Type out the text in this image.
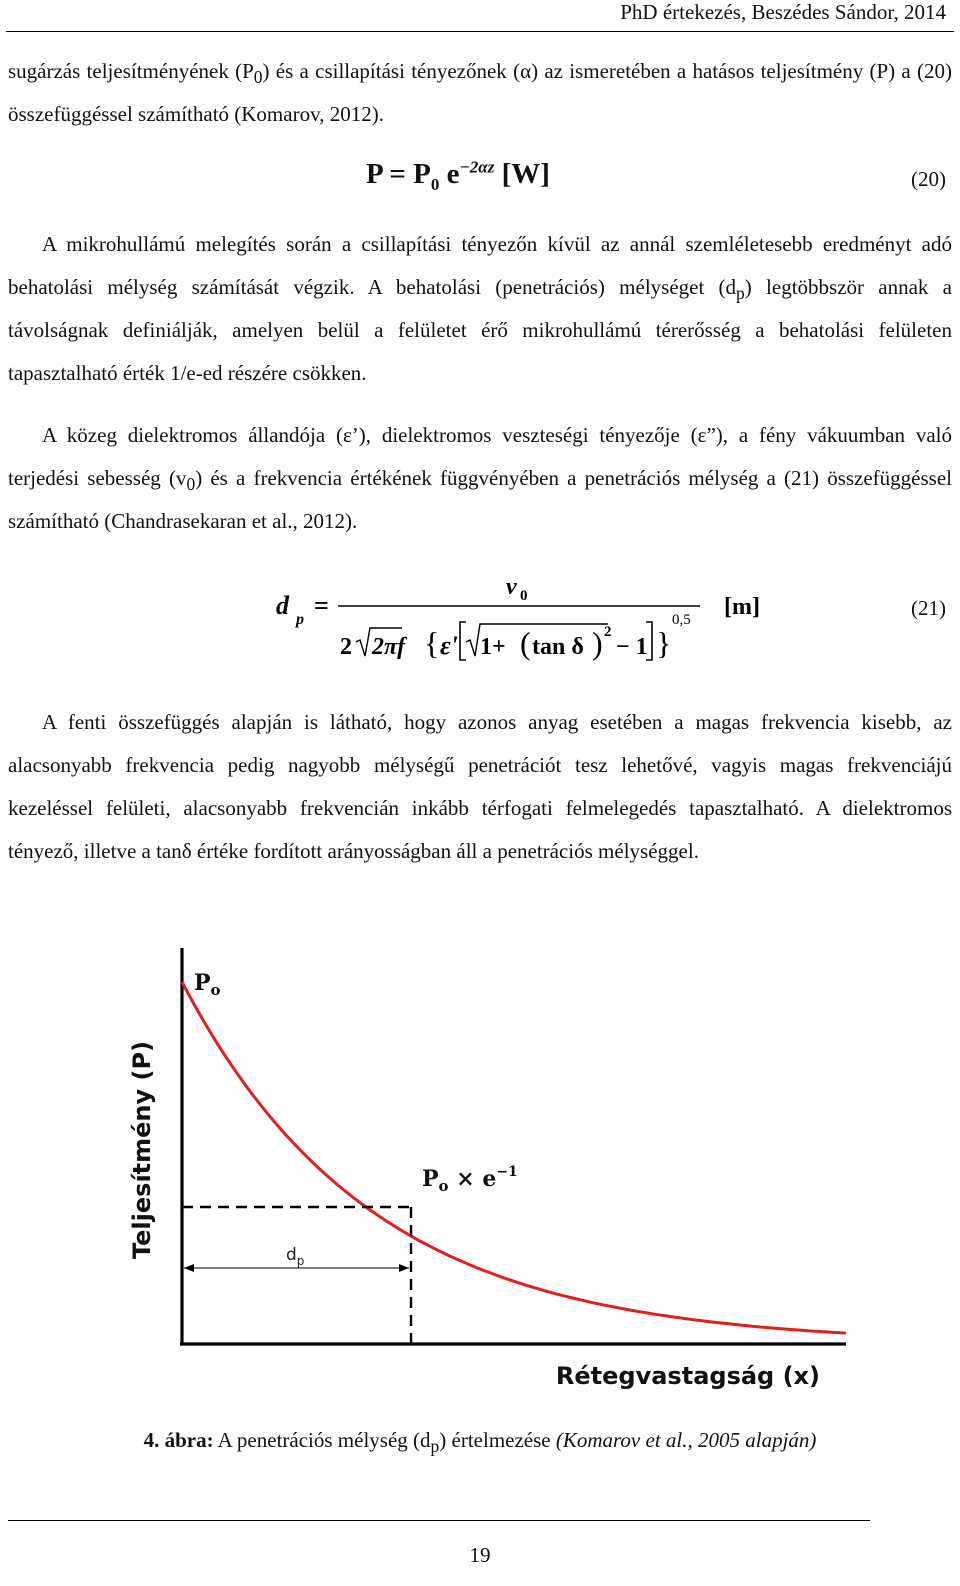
PhD értekezés, Beszédes Sándor, 2014

sugárzás teljesítményének $(P_0)$ és a csillapítási tényezőnek (α) az ismeretében a hatásos teljesítmény (P) a (20) összefüggéssel számítható (Komarov, 2012).

$P = P_0$ $e^{-2\alpha z}$ [W]	(20)

A mikrohullámú melegítés során a csillapítási tényezőn kívül az annál szemléletesebb eredményt adó behatolási mélység számítását végzik. A behatolási (penetrációs) mélységet $(d_p)$ legtöbbször annak a távolságnak definiálják, amelyen belül a felületet érő mikrohullámú térerősség a behatolási felületen tapasztalható érték 1/e-ed részére csökken.

A közeg dielektromos állandója (ε’), dielektromos veszteségi tényezője (ε”), a fény vákuumban való terjedési sebesség $(v_0)$ és a frekvencia értékének függvényében a penetrációs mélység a (21) összefüggéssel számítható (Chandrasekaran et al., 2012).

d p =
v 0
2 2πf { ε' 1+ ( tan δ ) 2
− 1 }
0,5 [m]	(21)

A fenti összefüggés alapján is látható, hogy azonos anyag esetében a magas frekvencia kisebb, az alacsonyabb frekvencia pedig nagyobb mélységű penetrációt tesz lehetővé, vagyis magas frekvenciájú kezeléssel felületi, alacsonyabb frekvencián inkább térfogati felmelegedés tapasztalható. A dielektromos tényező, illetve a tanδ értéke fordított arányosságban áll a penetrációs mélységgel.

Teljesítmény (P)
Rétegvastagság (x)
$P_o$
$P_o \times e^{-1}$
$d_p$
4. ábra: A penetrációs mélység $(d_p)$ értelmezése (Komarov et al., 2005 alapján)
19
